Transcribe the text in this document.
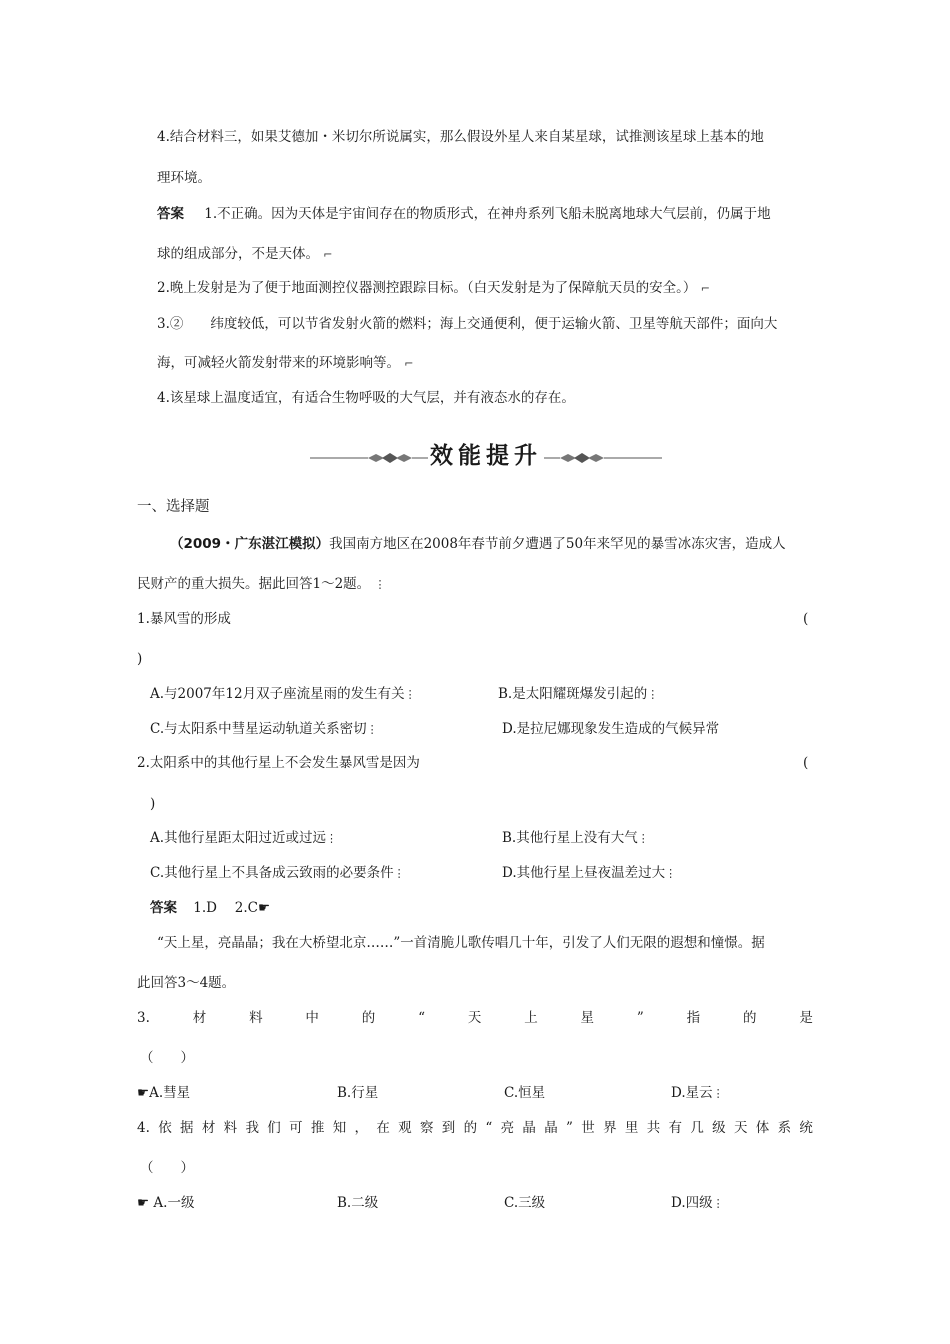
4.结合材料三，如果艾德加・米切尔所说属实，那么假设外星人来自某星球，试推测该星球上基本的地
理环境。
答案 1.不正确。因为天体是宇宙间存在的物质形式，在神舟系列飞船未脱离地球大气层前，仍属于地
球的组成部分，不是天体。 ⌐
2.晚上发射是为了便于地面测控仪器测控跟踪目标。（白天发射是为了保障航天员的安全。） ⌐
3.②　　纬度较低，可以节省发射火箭的燃料；海上交通便利，便于运输火箭、卫星等航天部件；面向大
海，可减轻火箭发射带来的环境影响等。 ⌐
4.该星球上温度适宜，有适合生物呼吸的大气层，并有液态水的存在。
效能提升
一、选择题
（2009・广东湛江模拟）我国南方地区在2008年春节前夕遭遇了50年来罕见的暴雪冰冻灾害，造成人
民财产的重大损失。据此回答1～2题。 ⋮
1.暴风雪的形成	(
)
A.与2007年12月双子座流星雨的发生有关⋮	B.是太阳耀斑爆发引起的⋮
C.与太阳系中彗星运动轨道关系密切⋮	D.是拉尼娜现象发生造成的气候异常
2.太阳系中的其他行星上不会发生暴风雪是因为	(
)
A.其他行星距太阳过近或过远⋮	B.其他行星上没有大气⋮
C.其他行星上不具备成云致雨的必要条件⋮	D.其他行星上昼夜温差过大⋮
答案 1.D　 2.C☛
“天上星，亮晶晶；我在大桥望北京……”一首清脆儿歌传唱几十年，引发了人们无限的遐想和憧憬。据
此回答3～4题。
3.	材	料	中	的	“	天	上	星	”	指	的	是
（　　）
☛A.彗星	B.行星	C.恒星	D.星云⋮
4. 依 据 材 料 我 们 可 推 知 ， 在 观 察 到 的 “ 亮 晶 晶 ” 世 界 里 共 有 几 级 天 体 系 统
（　　）
☛ A.一级	B.二级	C.三级	D.四级⋮
